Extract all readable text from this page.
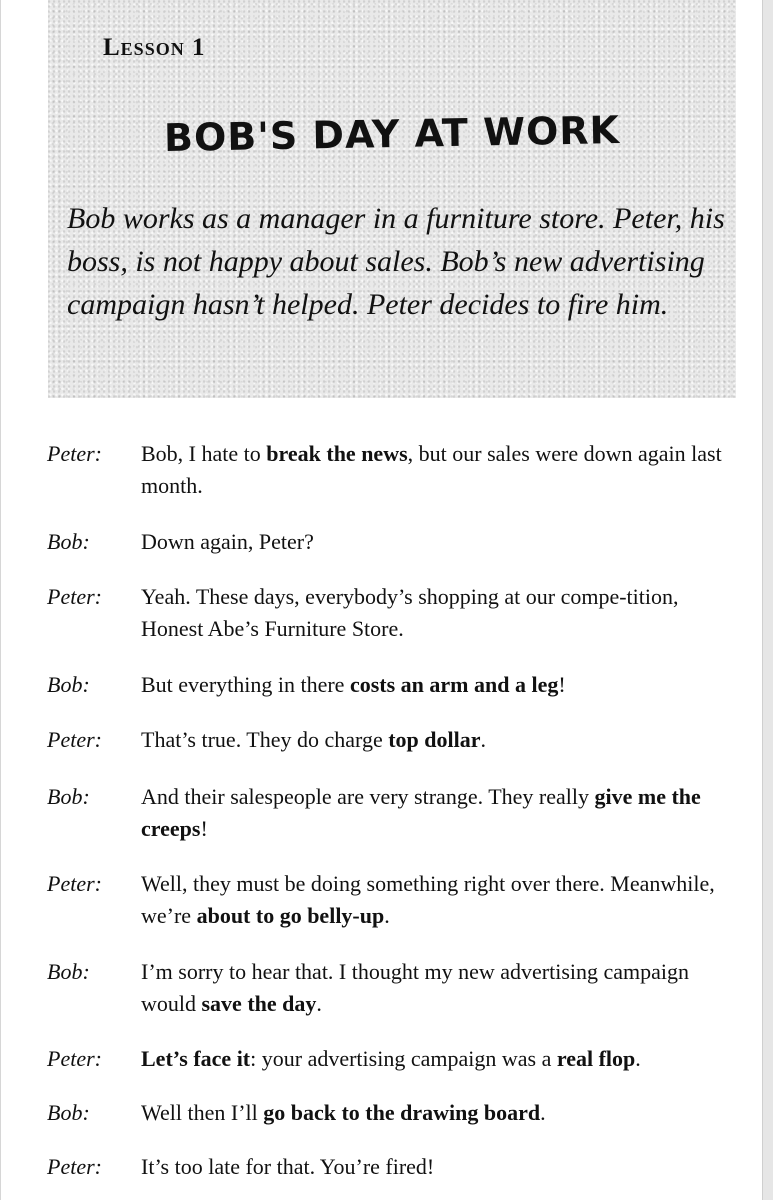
Lesson 1
BOB'S DAY AT WORK
Bob works as a manager in a furniture store. Peter, his boss, is not happy about sales. Bob’s new advertising campaign hasn’t helped. Peter decides to fire him.
Peter: Bob, I hate to break the news, but our sales were down again last month.
Bob: Down again, Peter?
Peter: Yeah. These days, everybody’s shopping at our compe-tition, Honest Abe’s Furniture Store.
Bob: But everything in there costs an arm and a leg!
Peter: That’s true. They do charge top dollar.
Bob: And their salespeople are very strange. They really give me the creeps!
Peter: Well, they must be doing something right over there. Meanwhile, we’re about to go belly-up.
Bob: I’m sorry to hear that. I thought my new advertising campaign would save the day.
Peter: Let’s face it: your advertising campaign was a real flop.
Bob: Well then I’ll go back to the drawing board.
Peter: It’s too late for that. You’re fired!
